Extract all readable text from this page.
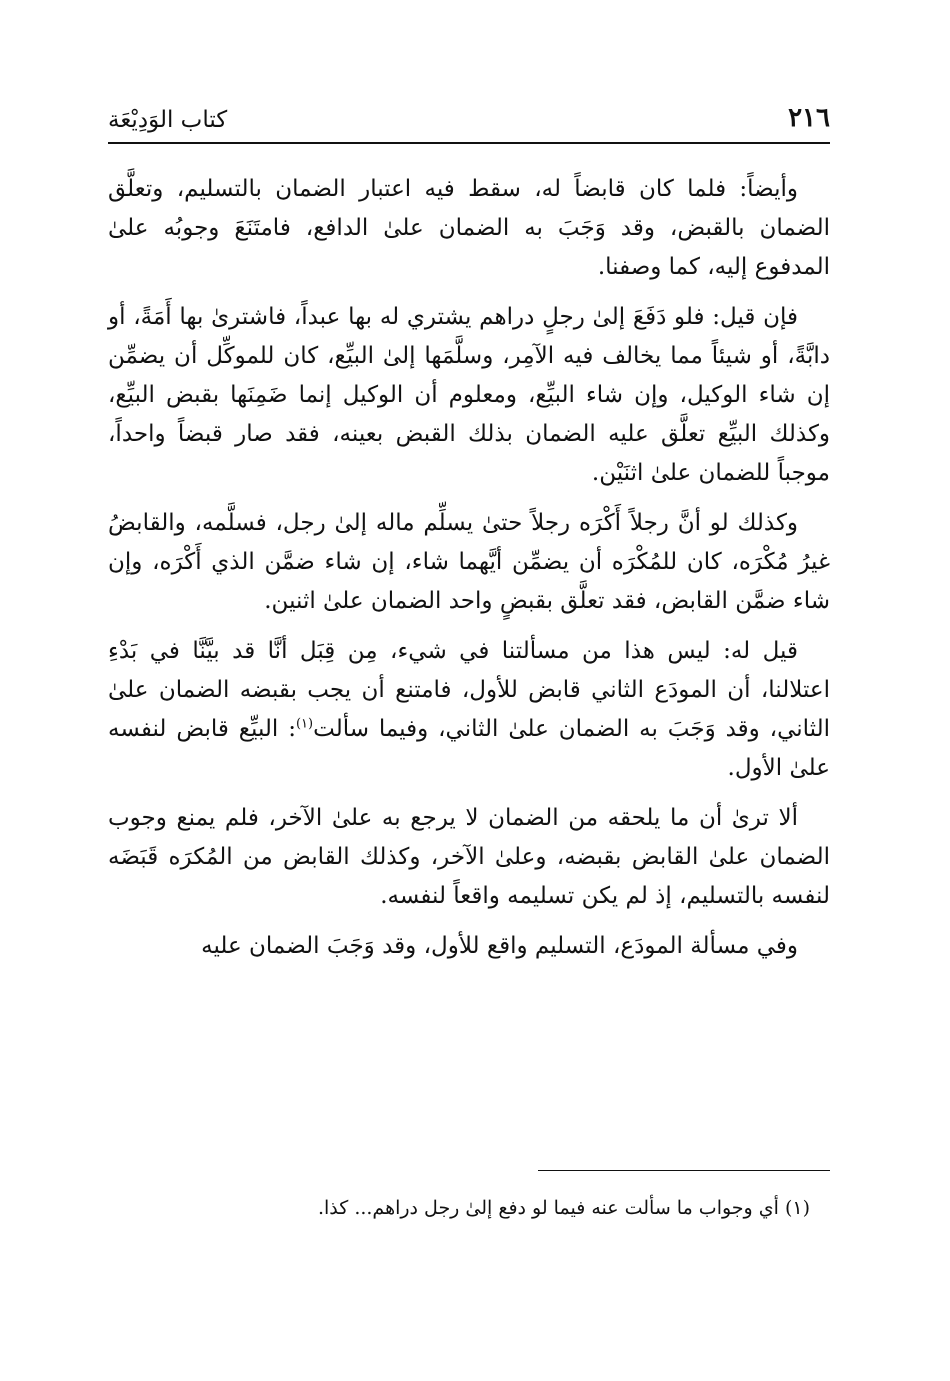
٢١٦
كتاب الوَدِيْعَة

وأيضاً: فلما كان قابضاً له، سقط فيه اعتبار الضمان بالتسليم، وتعلَّق الضمان بالقبض، وقد وَجَبَ به الضمان علىٰ الدافع، فامتَنَعَ وجوبُه علىٰ المدفوع إليه، كما وصفنا.

فإن قيل: فلو دَفَعَ إلىٰ رجلٍ دراهم يشتري له بها عبداً، فاشترىٰ بها أَمَةً، أو دابَّةً، أو شيئاً مما يخالف فيه الآمِر، وسلَّمَها إلىٰ البيِّع، كان للموكِّل أن يضمِّن إن شاء الوكيل، وإن شاء البيِّع، ومعلوم أن الوكيل إنما ضَمِنَها بقبض البيِّع، وكذلك البيِّع تعلَّق عليه الضمان بذلك القبض بعينه، فقد صار قبضاً واحداً، موجباً للضمان علىٰ اثنَيْن.

وكذلك لو أنَّ رجلاً أَكْرَه رجلاً حتىٰ يسلِّم ماله إلىٰ رجل، فسلَّمه، والقابضُ غيرُ مُكْرَه، كان للمُكْرَه أن يضمِّن أيَّهما شاء، إن شاء ضمَّن الذي أَكْرَه، وإن شاء ضمَّن القابض، فقد تعلَّق بقبضٍ واحد الضمان علىٰ اثنين.

قيل له: ليس هذا من مسألتنا في شيء، مِن قِبَل أنَّا قد بيَّنَّا في بَدْءِ اعتلالنا، أن المودَع الثاني قابض للأول، فامتنع أن يجب بقبضه الضمان علىٰ الثاني، وقد وَجَبَ به الضمان علىٰ الثاني، وفيما سألت$^{(١)}$: البيِّع قابض لنفسه علىٰ الأول.

ألا ترىٰ أن ما يلحقه من الضمان لا يرجع به علىٰ الآخر، فلم يمنع وجوب الضمان علىٰ القابض بقبضه، وعلىٰ الآخر، وكذلك القابض من المُكرَه قَبَضَه لنفسه بالتسليم، إذ لم يكن تسليمه واقعاً لنفسه.

وفي مسألة المودَع، التسليم واقع للأول، وقد وَجَبَ الضمان عليه

(١) أي وجواب ما سألت عنه فيما لو دفع إلىٰ رجل دراهم... كذا.
